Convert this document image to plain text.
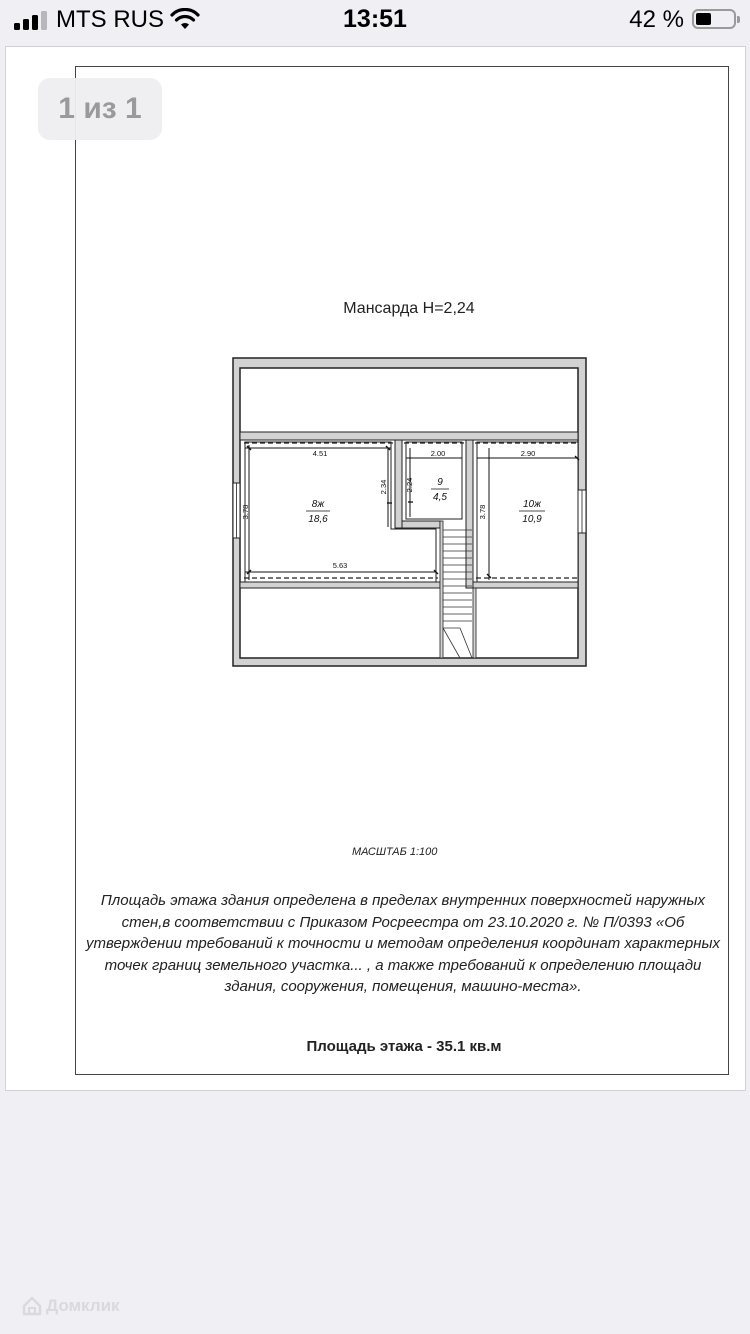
MTS RUS	13:51	42 %
1 из 1
Мансарда Н=2,24
4.51
5.63
3.78
2.34
2.00
2.24
2.90
3.78
8ж
18,6
9
4,5
10ж
10,9
МАСШТАБ 1:100
Площадь этажа здания определена в пределах внутренних поверхностей наружных стен,в соответствии с Приказом Росреестра от 23.10.2020 г. № П/0393 «Об утверждении требований к точности и методам определения координат характерных точек границ земельного участка... , а также требований к определению площади здания, сооружения, помещения, машино-места».
Площадь этажа - 35.1 кв.м
Домклик
